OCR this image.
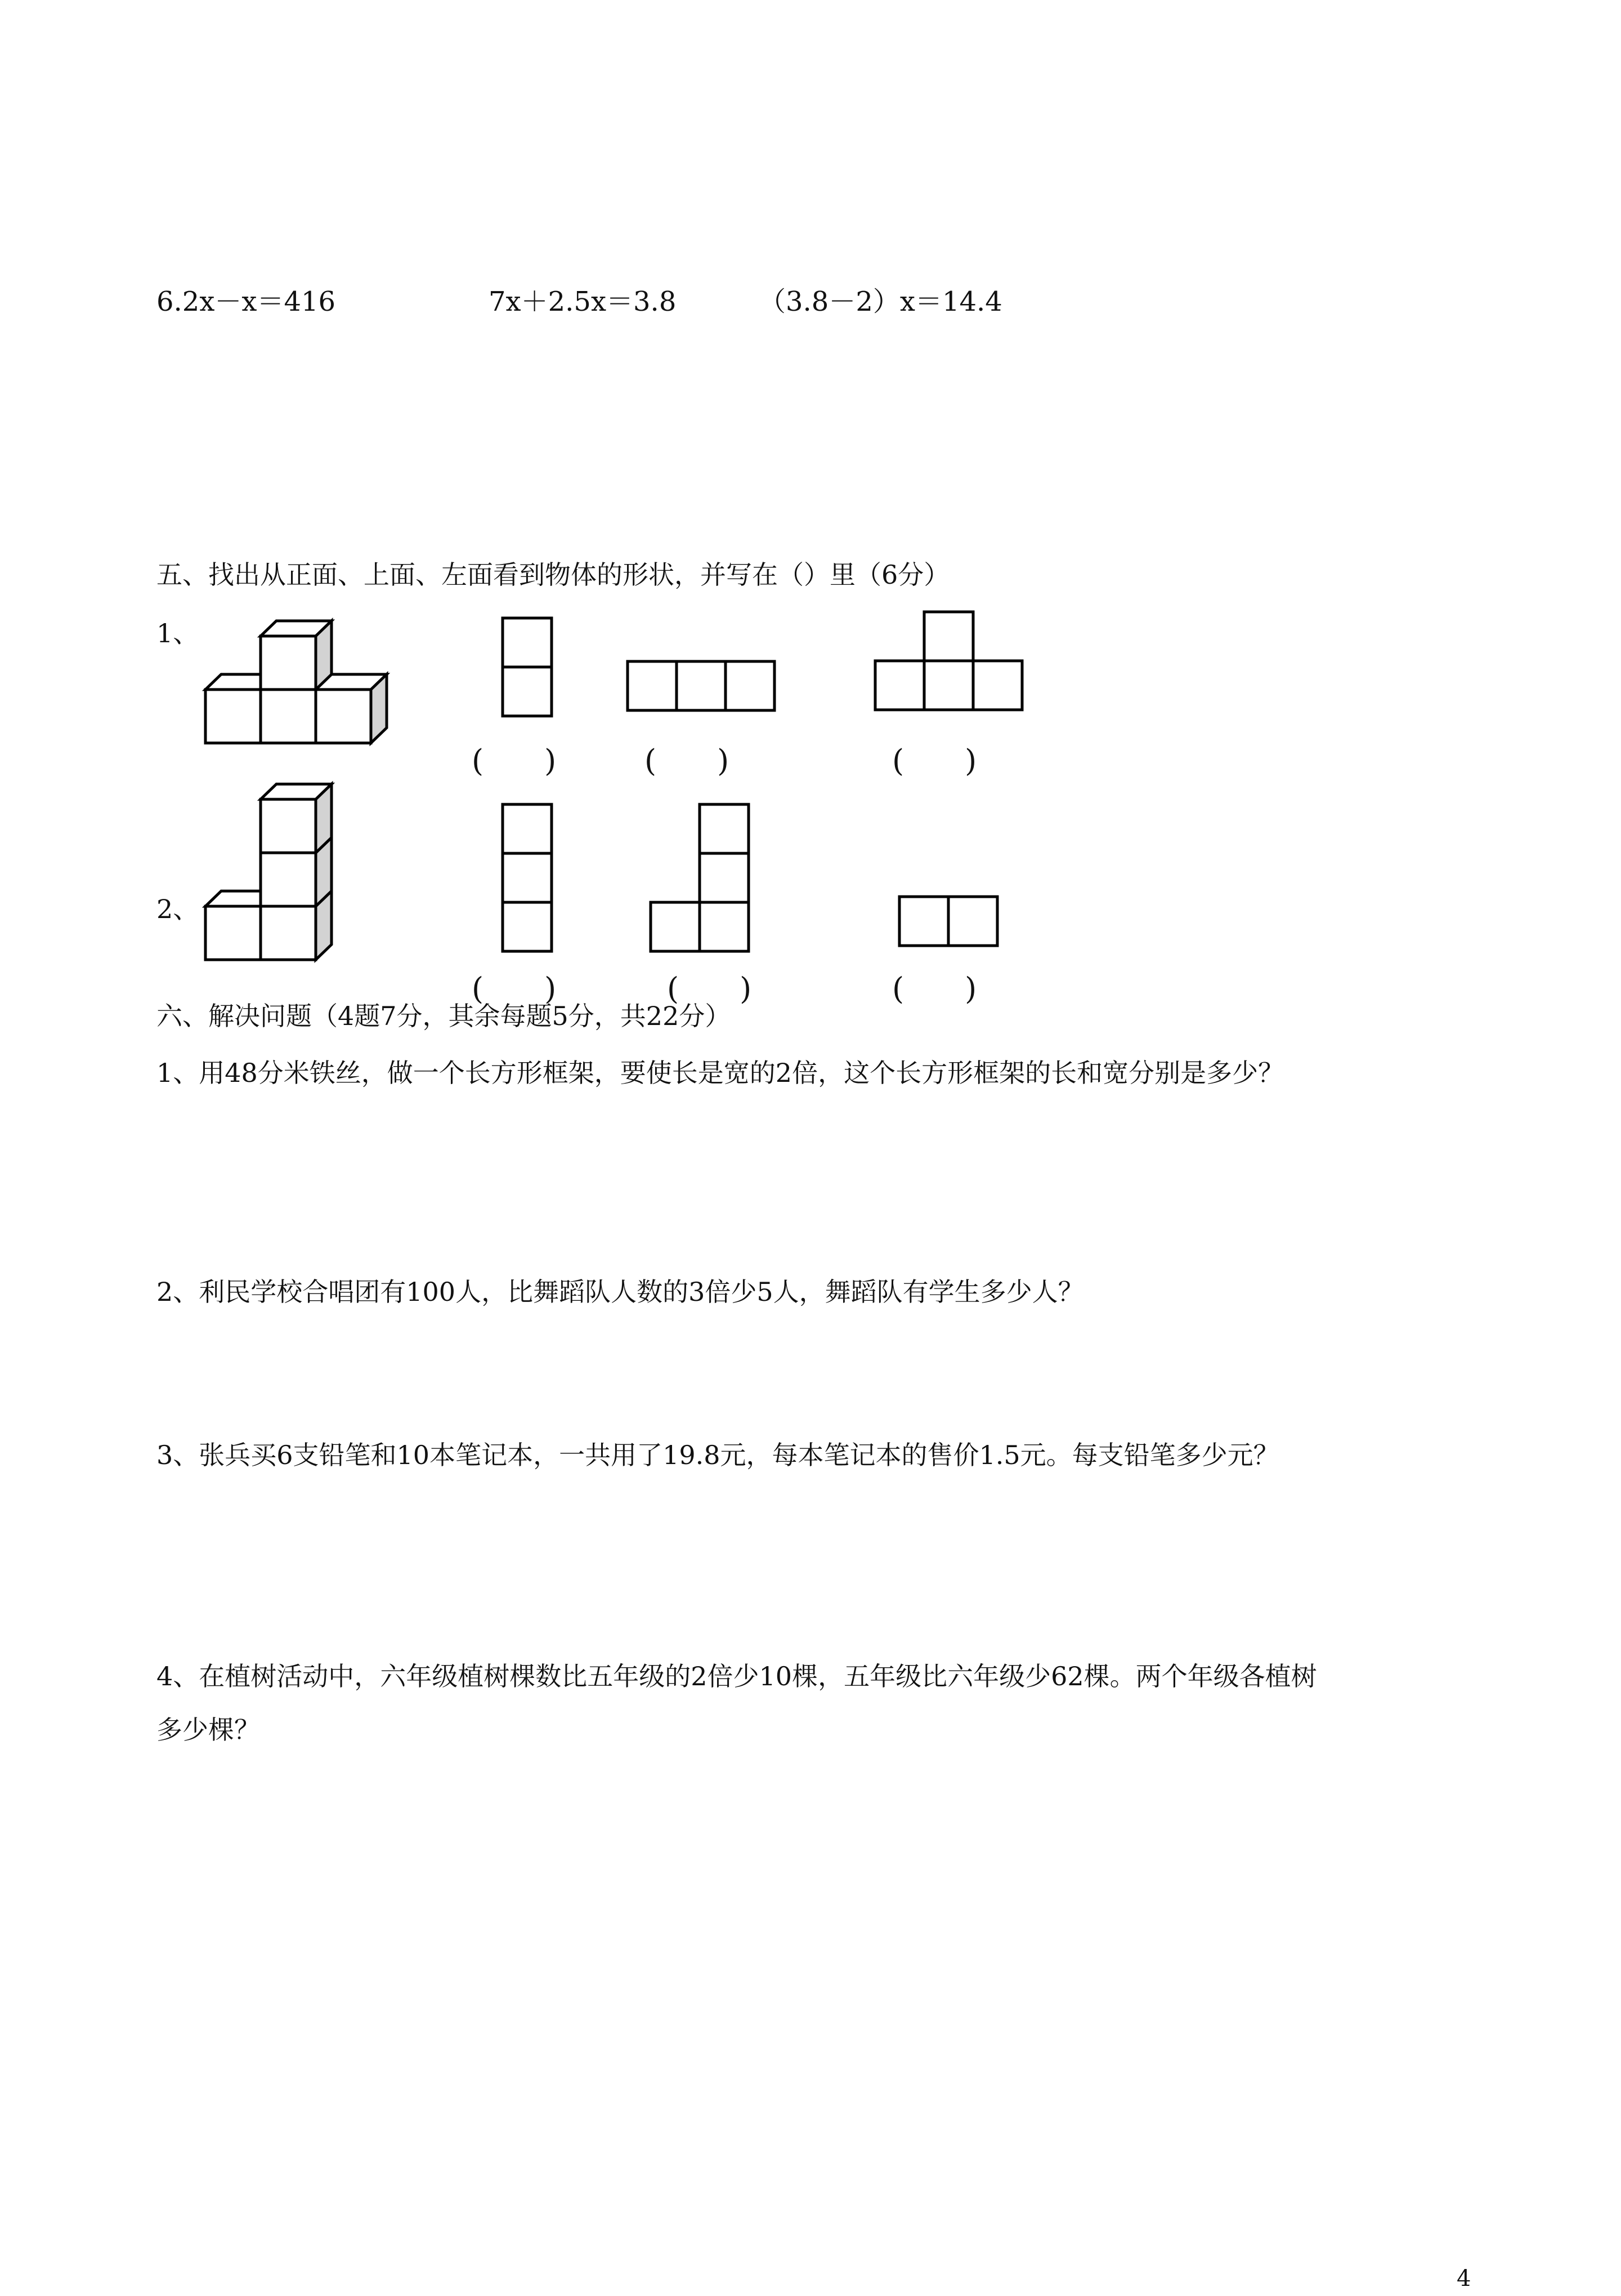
6.2x－x＝416	7x＋2.5x＝3.8	（3.8－2）x＝14.4
五、找出从正面、上面、左面看到物体的形状，并写在（）里（6分）
1、
(　　)	(　　)	(　　)
2、
(　　)	(　　)	(　　)
六、解决问题（4题7分，其余每题5分，共22分）
1、用48分米铁丝，做一个长方形框架，要使长是宽的2倍，这个长方形框架的长和宽分别是多少？
2、利民学校合唱团有100人，比舞蹈队人数的3倍少5人，舞蹈队有学生多少人？
3、张兵买6支铅笔和10本笔记本，一共用了19.8元，每本笔记本的售价1.5元。每支铅笔多少元？
4、在植树活动中，六年级植树棵数比五年级的2倍少10棵，五年级比六年级少62棵。两个年级各植树
多少棵？
4
